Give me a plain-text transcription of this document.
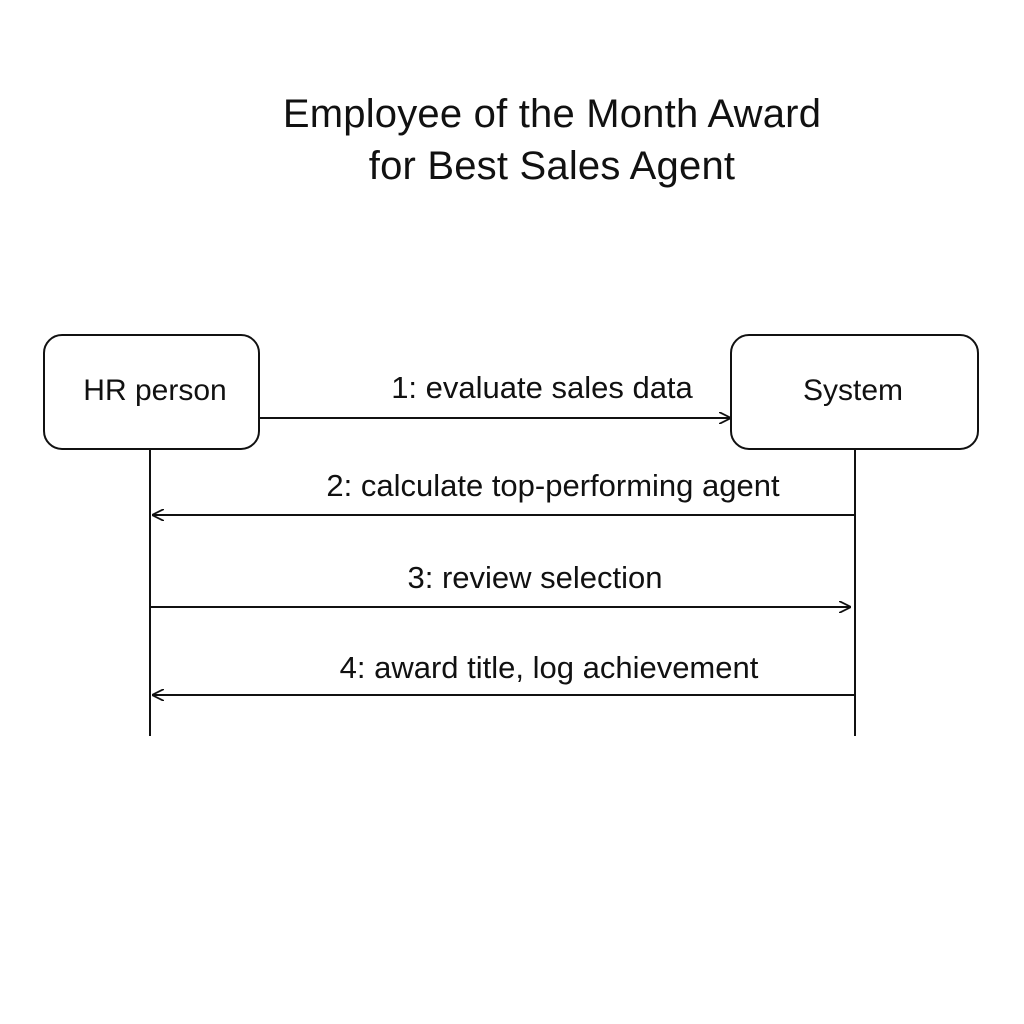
Employee of the Month Award
for Best Sales Agent
HR person	System
1: evaluate sales data
2: calculate top-performing agent
3: review selection
4: award title, log achievement
